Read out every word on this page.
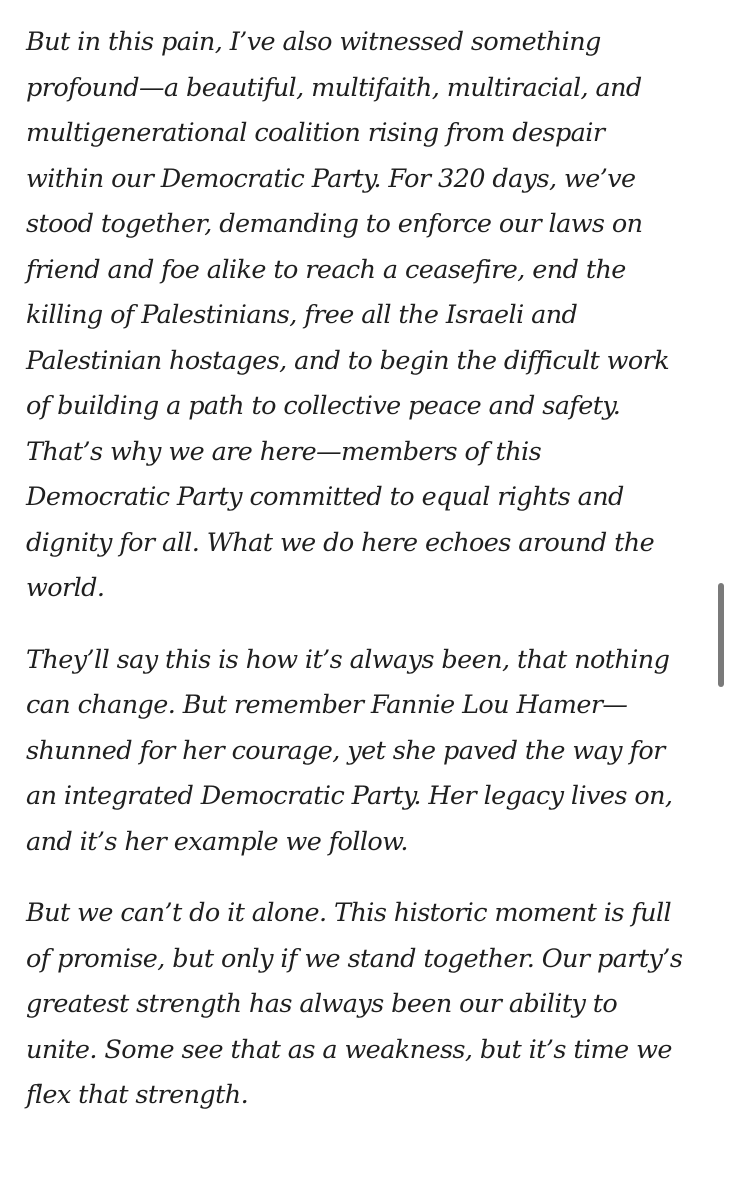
But in this pain, I’ve also witnessed something
profound—a beautiful, multifaith, multiracial, and
multigenerational coalition rising from despair
within our Democratic Party. For 320 days, we’ve
stood together, demanding to enforce our laws on
friend and foe alike to reach a ceasefire, end the
killing of Palestinians, free all the Israeli and
Palestinian hostages, and to begin the difficult work
of building a path to collective peace and safety.
That’s why we are here—members of this
Democratic Party committed to equal rights and
dignity for all. What we do here echoes around the
world.

They’ll say this is how it’s always been, that nothing
can change. But remember Fannie Lou Hamer—
shunned for her courage, yet she paved the way for
an integrated Democratic Party. Her legacy lives on,
and it’s her example we follow.

But we can’t do it alone. This historic moment is full
of promise, but only if we stand together. Our party’s
greatest strength has always been our ability to
unite. Some see that as a weakness, but it’s time we
flex that strength.
